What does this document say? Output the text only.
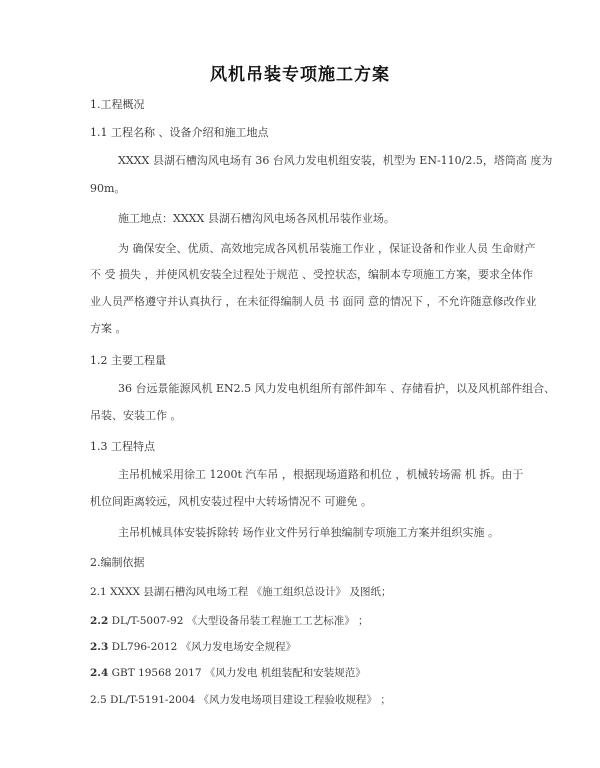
风机吊装专项施工方案
1.工程概况
1.1 工程名称 、设备介绍和施工地点
XXXX 县湖石槽沟风电场有 36 台风力发电机组安装，机型为 EN-110/2.5，塔筒高 度为
90m。
施工地点：XXXX 县湖石槽沟风电场各风机吊装作业场。
为 确保安全、优质、高效地完成各风机吊装施工作业 ，保证设备和作业人员 生命财产
不 受 损失 ，并使风机安装全过程处于规范 、受控状态，编制本专项施工方案，要求全体作
业人员严格遵守并认真执行 ，在未征得编制人员 书 面同 意的情况下 ，不允许随意修改作业
方案 。
1.2 主要工程量
36 台远景能源风机 EN2.5 风力发电机组所有部件卸车 、存储看护，以及风机部件组合、
吊装、安装工作 。
1.3 工程特点
主吊机械采用徐工 1200t 汽车吊 ，根据现场道路和机位 ，机械转场需 机 拆。由于
机位间距离较远，风机安装过程中大转场情况不 可避免 。
主吊机械具体安装拆除转 场作业文件另行单独编制专项施工方案并组织实施 。
2.编制依据
2.1 XXXX 县湖石槽沟风电场工程 《施工组织总设计》 及图纸；
2.2 DL/T-5007-92 《大型设备吊装工程施工工艺标准》 ；
2.3 DL796-2012 《风力发电场安全规程》
2.4 GBT 19568 2017 《风力发电 机组装配和安装规范》
2.5 DL/T-5191-2004 《风力发电场项目建设工程验收规程》 ；
